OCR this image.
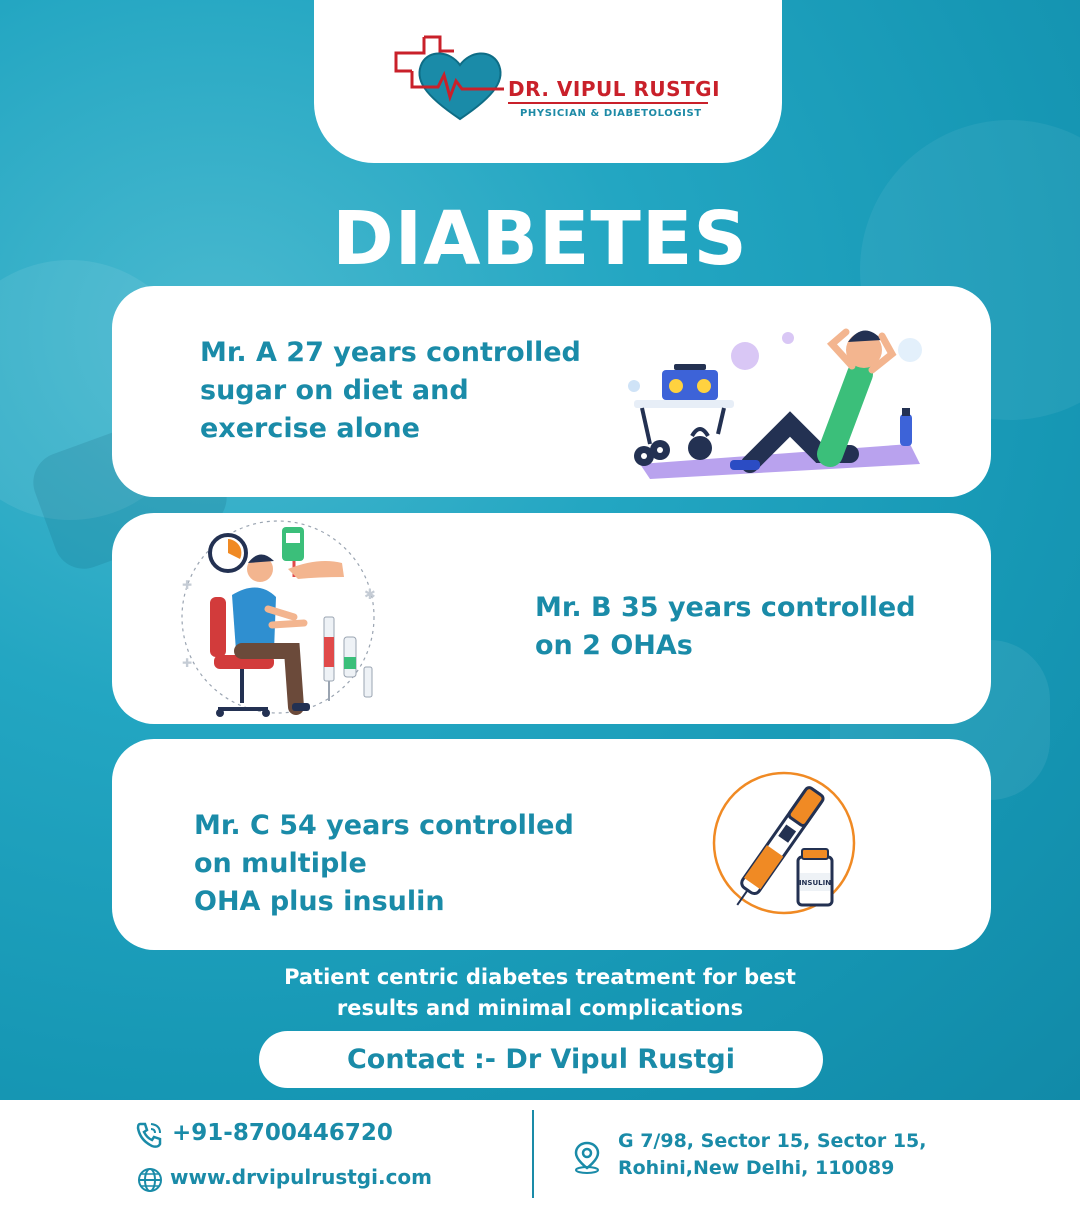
DR. VIPUL RUSTGI
PHYSICIAN & DIABETOLOGIST
DIABETES
Mr. A 27 years controlled
sugar on diet and
exercise alone
✱
✚
✚
Mr. B 35 years controlled
on 2 OHAs
Mr. C 54 years controlled
on multiple
OHA plus insulin
INSULIN
Patient centric diabetes treatment for best
results and minimal complications
Contact :- Dr Vipul Rustgi
+91-8700446720
www.drvipulrustgi.com
G 7/98, Sector 15, Sector 15,
Rohini,New Delhi, 110089
